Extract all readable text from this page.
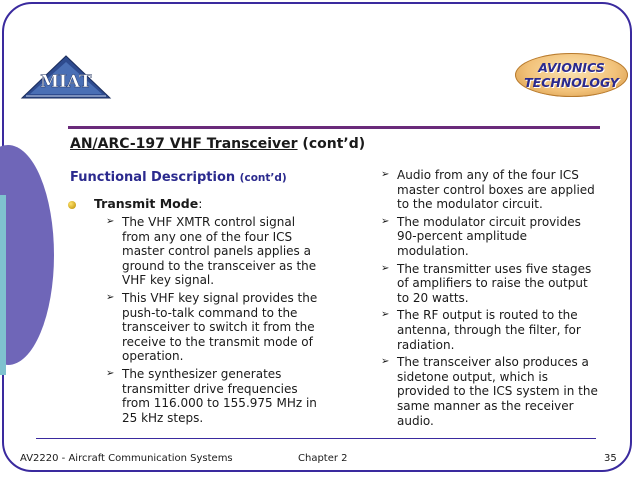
MIAT
AVIONICS
TECHNOLOGY
AN/ARC-197 VHF Transceiver (cont’d)
Functional Description (cont’d)
Transmit Mode:
➢ The VHF XMTR control signal from any one of the four ICS master control panels applies a ground to the transceiver as the VHF key signal.
➢ This VHF key signal provides the push-to-talk command to the transceiver to switch it from the receive to the transmit mode of operation.
➢ The synthesizer generates transmitter drive frequencies from 116.000 to 155.975 MHz in 25 kHz steps.
➢ Audio from any of the four ICS master control boxes are applied to the modulator circuit.
➢ The modulator circuit provides 90-percent amplitude modulation.
➢ The transmitter uses five stages of amplifiers to raise the output to 20 watts.
➢ The RF output is routed to the antenna, through the filter, for radiation.
➢ The transceiver also produces a sidetone output, which is provided to the ICS system in the same manner as the receiver audio.
AV2220 - Aircraft Communication Systems	Chapter 2	35
